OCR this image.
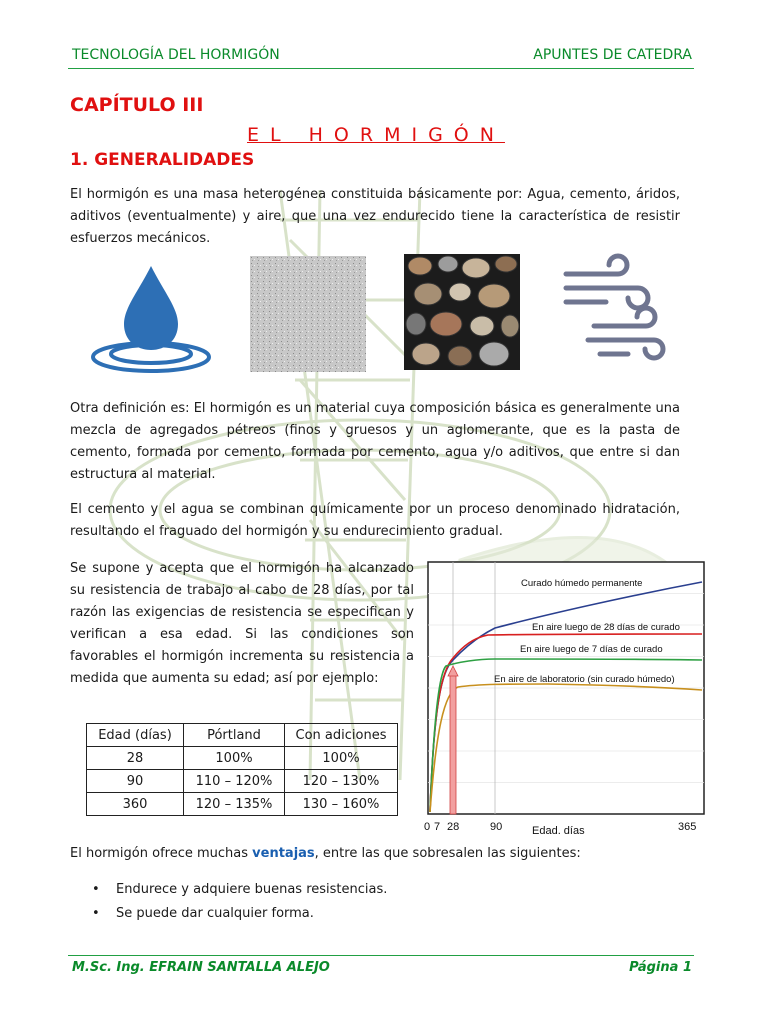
TECNOLOGÍA DEL HORMIGÓN	APUNTES DE CATEDRA
CAPÍTULO III
EL HORMIGÓN
1. GENERALIDADES

El hormigón es una masa heterogénea constituida básicamente por: Agua, cemento, áridos, aditivos (eventualmente) y aire, que una vez endurecido tiene la característica de resistir esfuerzos mecánicos.

Otra definición es: El hormigón es un material cuya composición básica es generalmente una mezcla de agregados pétreos (finos y gruesos y un aglomerante, que es la pasta de cemento, formada por cemento, formada por cemento, agua y/o aditivos, que entre si dan estructura al material.

El cemento y el agua se combinan químicamente por un proceso denominado hidratación, resultando el fraguado del hormigón y su endurecimiento gradual.

Se supone y acepta que el hormigón ha alcanzado su resistencia de trabajo al cabo de 28 días, por tal razón las exigencias de resistencia se especifican y verifican a esa edad. Si las condiciones son favorables el hormigón incrementa su resistencia a medida que aumenta su edad; así por ejemplo:

Edad (días)	Pórtland	Con adiciones
28	100%	100%
90	110 – 120%	120 – 130%
360	120 – 135%	130 – 160%
Curado húmedo permanente
En aire luego de 28 días de curado
En aire luego de 7 días de curado
En aire de laboratorio (sin curado húmedo)
0 7 28	90	365
Edad. días
El hormigón ofrece muchas ventajas, entre las que sobresalen las siguientes:
• Endurece y adquiere buenas resistencias.
• Se puede dar cualquier forma.
M.Sc. Ing. EFRAIN SANTALLA ALEJO	Página 1
